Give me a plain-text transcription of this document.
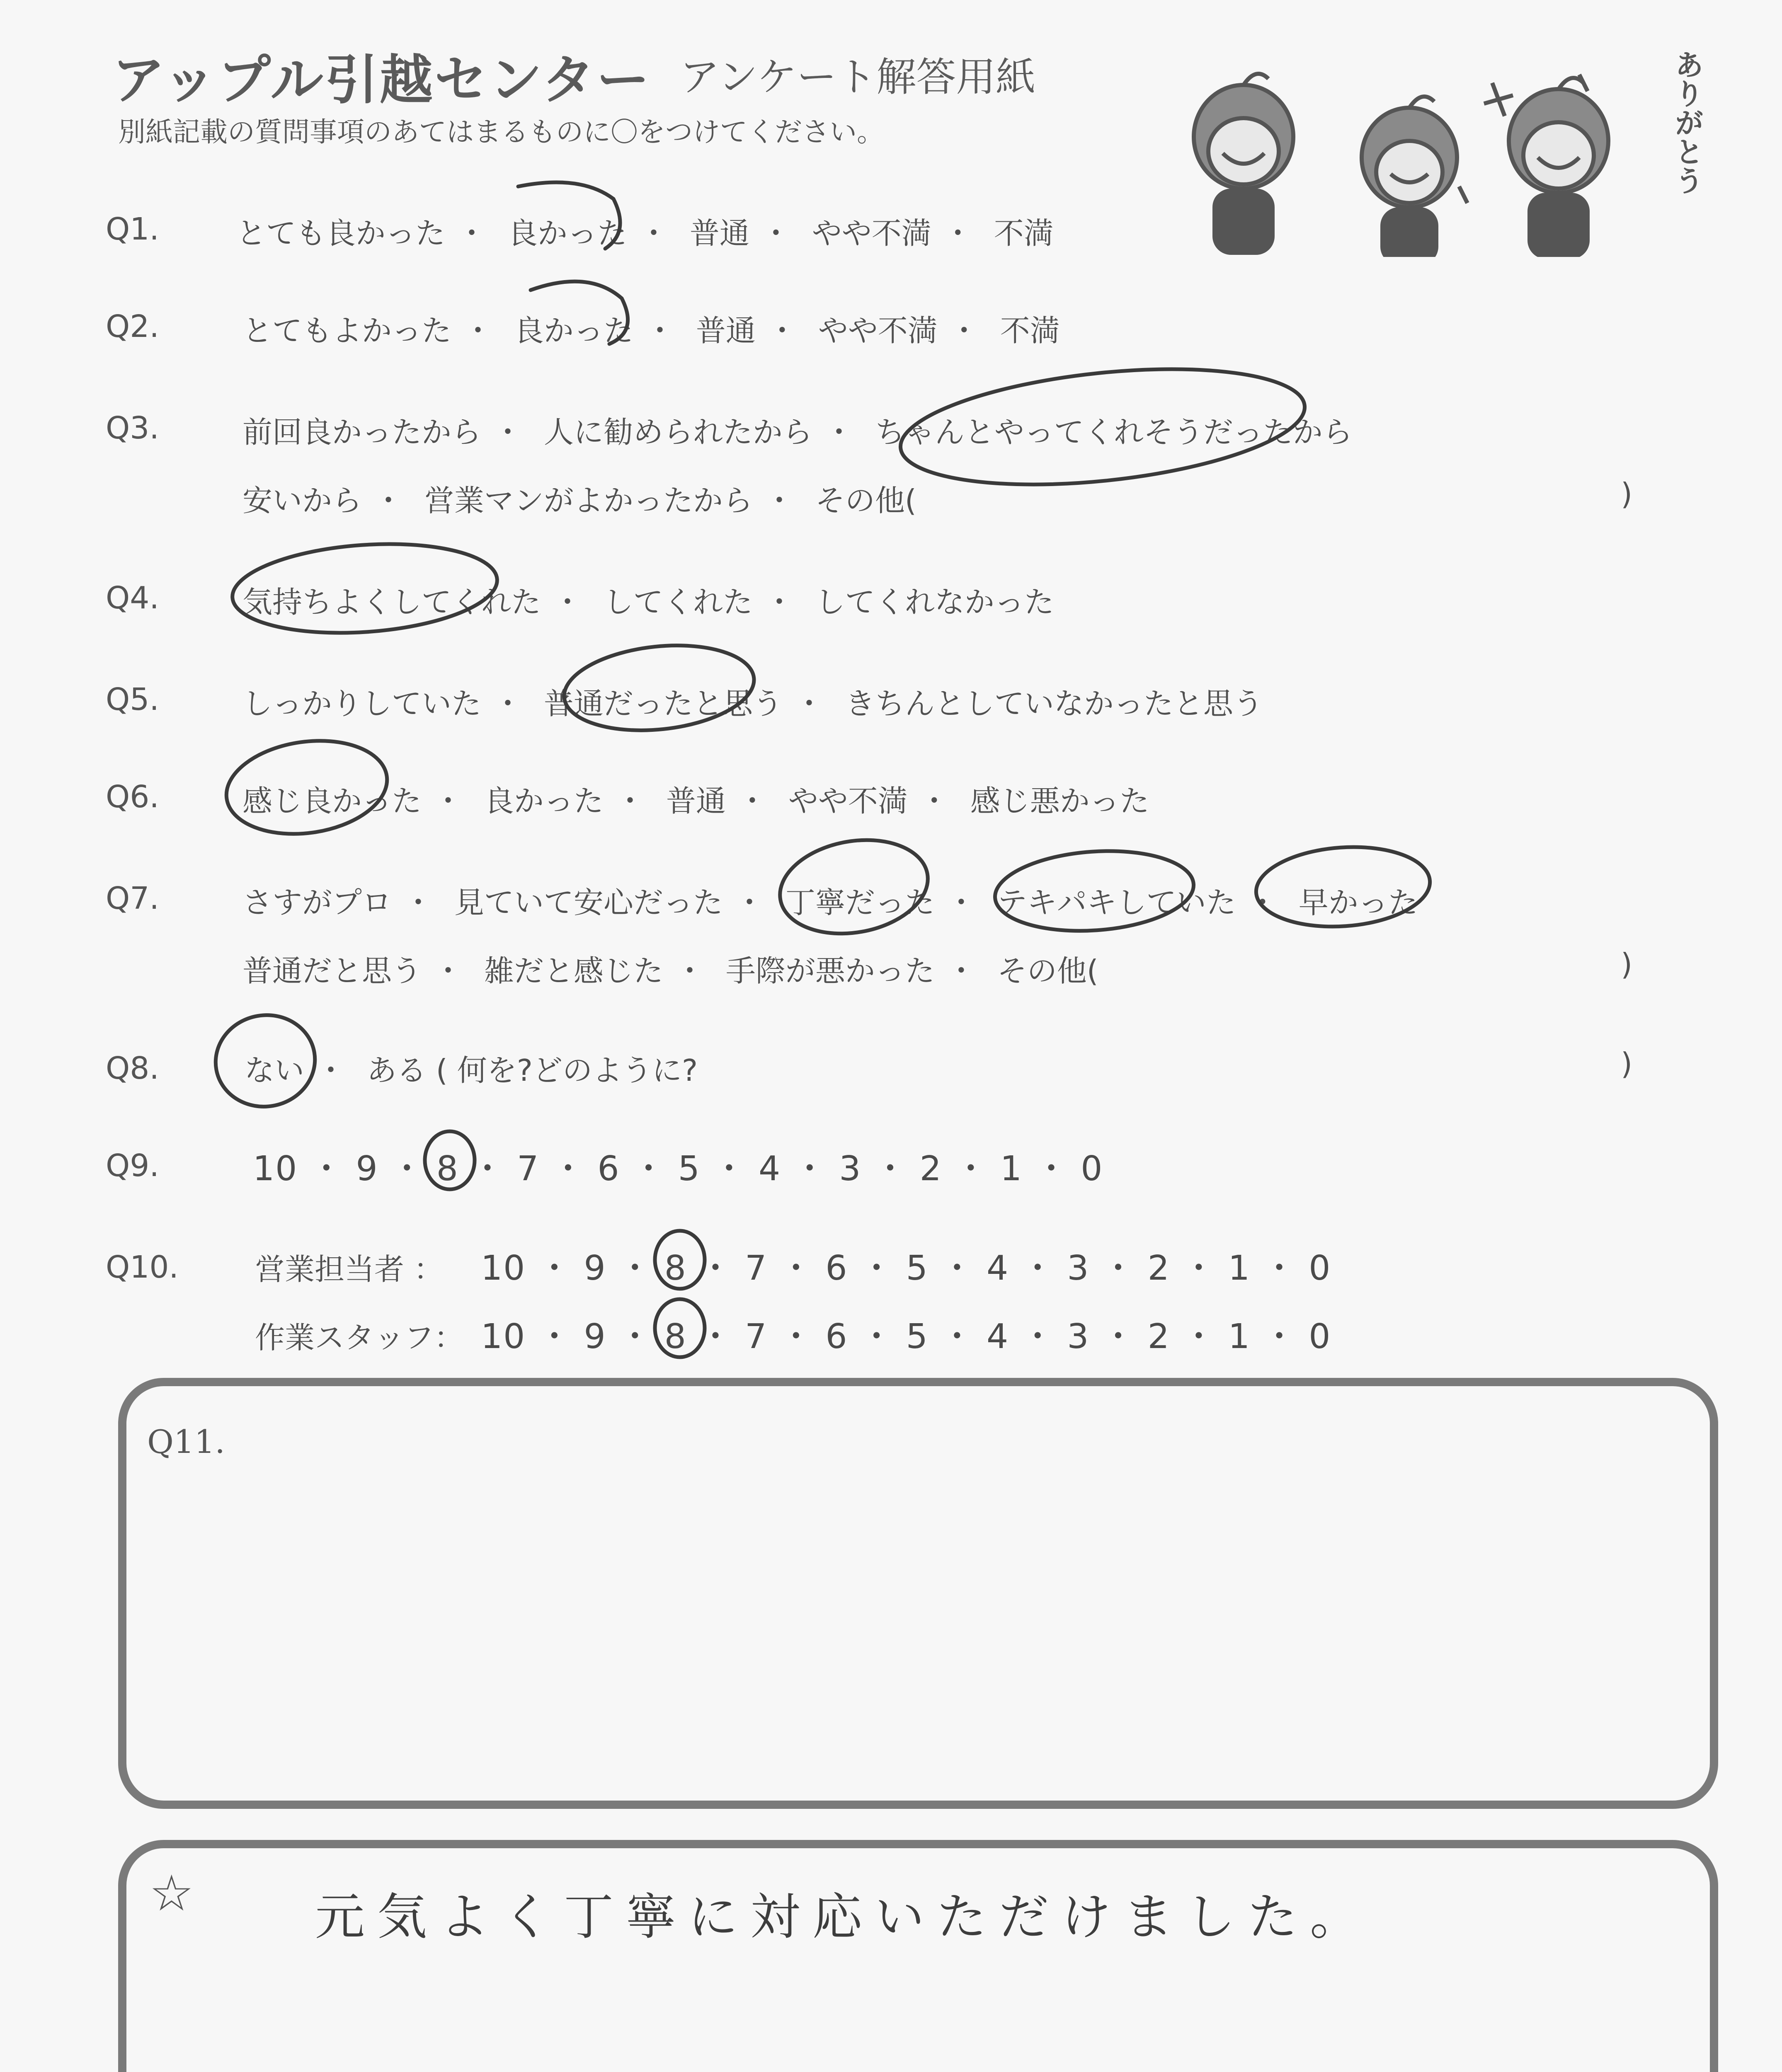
アップル引越センター アンケート解答用紙
別紙記載の質問事項のあてはまるものに〇をつけてください。	ありがとう
Q1.	とても良かった ・ 良かった ・ 普通 ・ やや不満 ・ 不満
Q2.	とてもよかった ・ 良かった ・ 普通 ・ やや不満 ・ 不満
Q3.	前回良かったから ・ 人に勧められたから ・ ちゃんとやってくれそうだったから
安いから ・ 営業マンがよかったから ・ その他(	)
Q4.	気持ちよくしてくれた ・ してくれた ・ してくれなかった
Q5.	しっかりしていた ・ 普通だったと思う ・ きちんとしていなかったと思う
Q6.	感じ良かった ・ 良かった ・ 普通 ・ やや不満 ・ 感じ悪かった
Q7.	さすがプロ ・ 見ていて安心だった ・ 丁寧だった ・ テキパキしていた ・ 早かった
普通だと思う ・ 雑だと感じた ・ 手際が悪かった ・ その他(	)
Q8.	ない ・ ある ( 何を?どのように?	)
Q9.	10 ・ 9 ・ 8 ・ 7 ・ 6 ・ 5 ・ 4 ・ 3 ・ 2 ・ 1 ・ 0
Q10.	営業担当者 ： 10 ・ 9 ・ 8 ・ 7 ・ 6 ・ 5 ・ 4 ・ 3 ・ 2 ・ 1 ・ 0
作業スタッフ： 10 ・ 9 ・ 8 ・ 7 ・ 6 ・ 5 ・ 4 ・ 3 ・ 2 ・ 1 ・ 0
Q11.
☆ 元気よく丁寧に対応いただけました。
